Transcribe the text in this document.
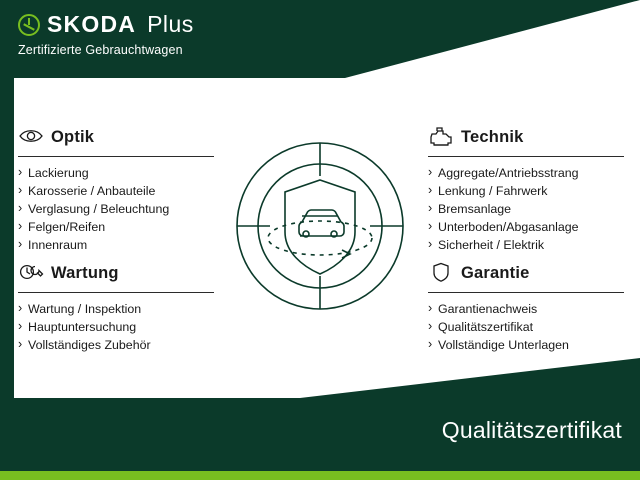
SKODA Plus
Zertifizierte Gebrauchtwagen
Optik
› Lackierung
› Karosserie / Anbauteile
› Verglasung / Beleuchtung
› Felgen/Reifen
› Innenraum
Technik
› Aggregate/Antriebsstrang
› Lenkung / Fahrwerk
› Bremsanlage
› Unterboden/Abgasanlage
› Sicherheit / Elektrik
Wartung
› Wartung / Inspektion
› Hauptuntersuchung
› Vollständiges Zubehör
Garantie
› Garantienachweis
› Qualitätszertifikat
› Vollständige Unterlagen
Qualitätszertifikat
